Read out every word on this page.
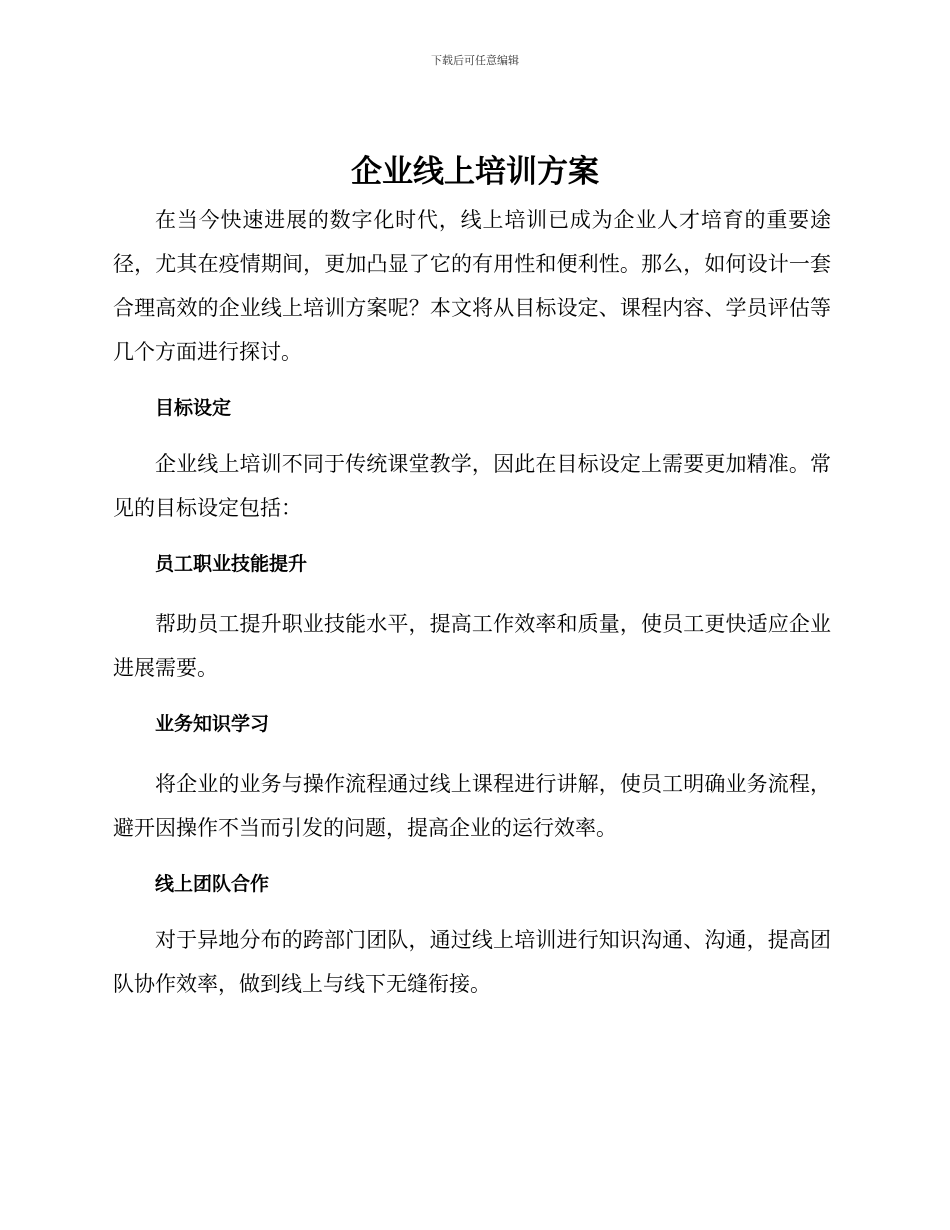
下载后可任意编辑
企业线上培训方案

在当今快速进展的数字化时代，线上培训已成为企业人才培育的重要途径，尤其在疫情期间，更加凸显了它的有用性和便利性。那么，如何设计一套合理高效的企业线上培训方案呢？本文将从目标设定、课程内容、学员评估等几个方面进行探讨。

目标设定

企业线上培训不同于传统课堂教学，因此在目标设定上需要更加精准。常见的目标设定包括：

员工职业技能提升

帮助员工提升职业技能水平，提高工作效率和质量，使员工更快适应企业进展需要。

业务知识学习

将企业的业务与操作流程通过线上课程进行讲解，使员工明确业务流程，避开因操作不当而引发的问题，提高企业的运行效率。

线上团队合作

对于异地分布的跨部门团队，通过线上培训进行知识沟通、沟通，提高团队协作效率，做到线上与线下无缝衔接。
